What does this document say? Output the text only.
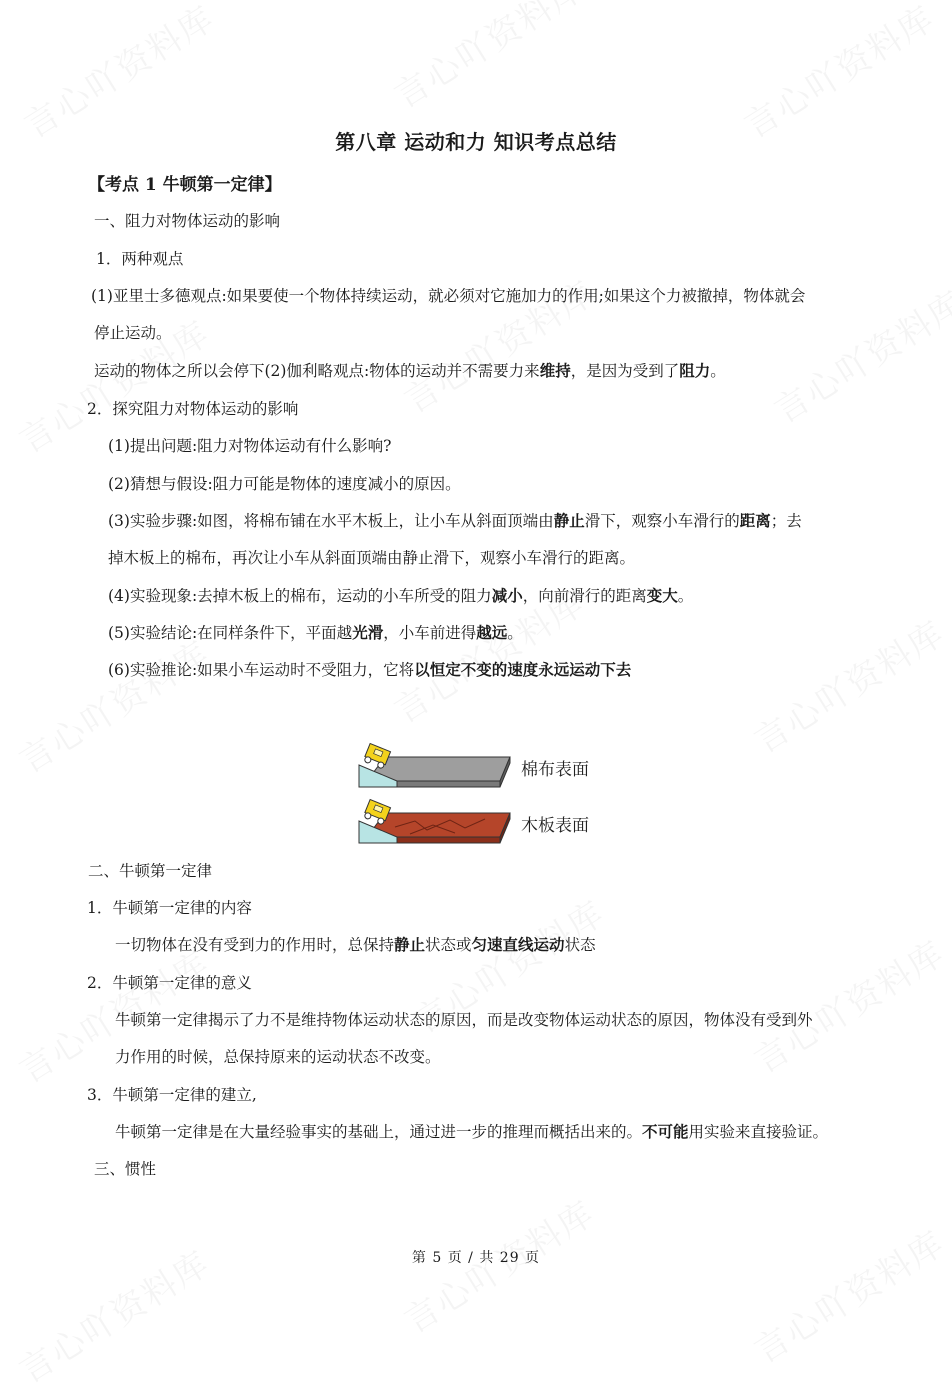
第八章 运动和力 知识考点总结
【考点 1 牛顿第一定律】
一、阻力对物体运动的影响
1．两种观点
(1)亚里士多德观点:如果要使一个物体持续运动，就必须对它施加力的作用;如果这个力被撤掉，物体就会
停止运动。
运动的物体之所以会停下(2)伽利略观点:物体的运动并不需要力来维持，是因为受到了阻力。
2．探究阻力对物体运动的影响
(1)提出问题:阻力对物体运动有什么影响?
(2)猜想与假设:阻力可能是物体的速度减小的原因。
(3)实验步骤:如图，将棉布铺在水平木板上，让小车从斜面顶端由静止滑下，观察小车滑行的距离；去
掉木板上的棉布，再次让小车从斜面顶端由静止滑下，观察小车滑行的距离。
(4)实验现象:去掉木板上的棉布，运动的小车所受的阻力减小，向前滑行的距离变大。
(5)实验结论:在同样条件下，平面越光滑，小车前进得越远。
(6)实验推论:如果小车运动时不受阻力，它将以恒定不变的速度永远运动下去
棉布表面
木板表面
二、牛顿第一定律
1．牛顿第一定律的内容
一切物体在没有受到力的作用时，总保持静止状态或匀速直线运动状态
2．牛顿第一定律的意义
牛顿第一定律揭示了力不是维持物体运动状态的原因，而是改变物体运动状态的原因，物体没有受到外
力作用的时候，总保持原来的运动状态不改变。
3．牛顿第一定律的建立,
牛顿第一定律是在大量经验事实的基础上，通过进一步的推理而概括出来的。不可能用实验来直接验证。
三、惯性
第 5 页 / 共 29 页
